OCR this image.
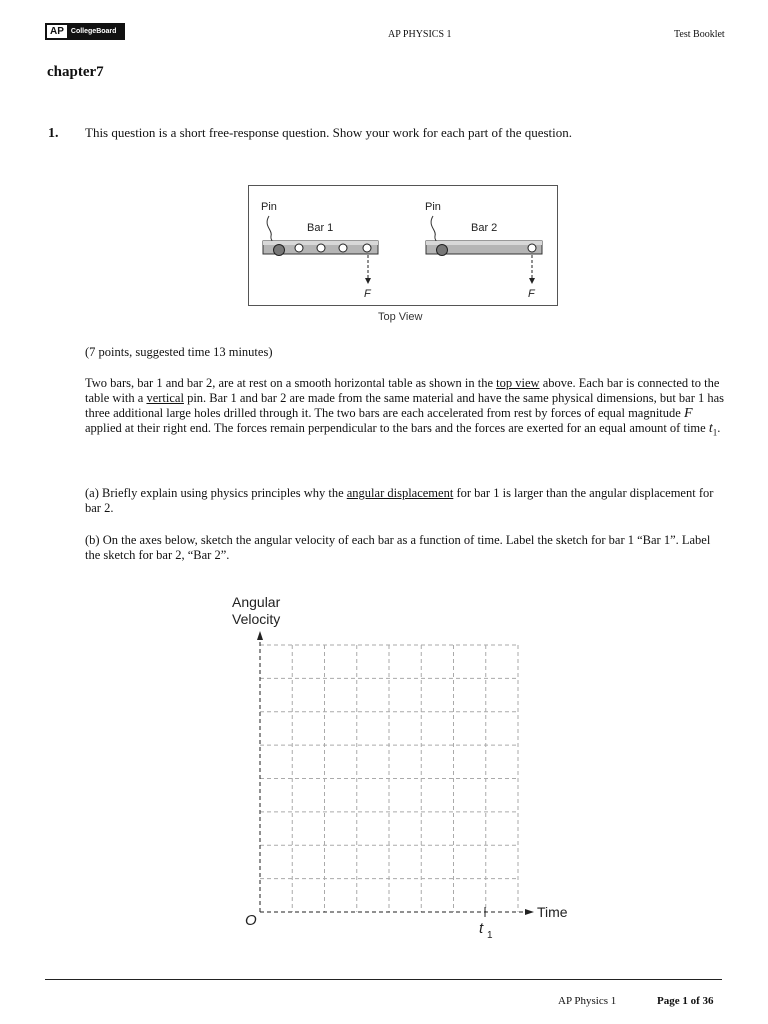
AP	CollegeBoard	AP PHYSICS 1	Test Booklet
chapter7
1. This question is a short free-response question. Show your work for each part of the question.
Pin
Bar 1
F
Pin
Bar 2
F
Top View
(7 points, suggested time 13 minutes)
Two bars, bar 1 and bar 2, are at rest on a smooth horizontal table as shown in the top view above. Each bar is connected to the table with a vertical pin. Bar 1 and bar 2 are made from the same material and have the same physical dimensions, but bar 1 has three additional large holes drilled through it. The two bars are each accelerated from rest by forces of equal magnitude F applied at their right end. The forces remain perpendicular to the bars and the forces are exerted for an equal amount of time $t_1$.
(a) Briefly explain using physics principles why the angular displacement for bar 1 is larger than the angular displacement for bar 2.
(b) On the axes below, sketch the angular velocity of each bar as a function of time. Label the sketch for bar 1 “Bar 1”. Label the sketch for bar 2, “Bar 2”.
Angular
Velocity
O	Time
t 1
AP Physics 1	Page 1 of 36
